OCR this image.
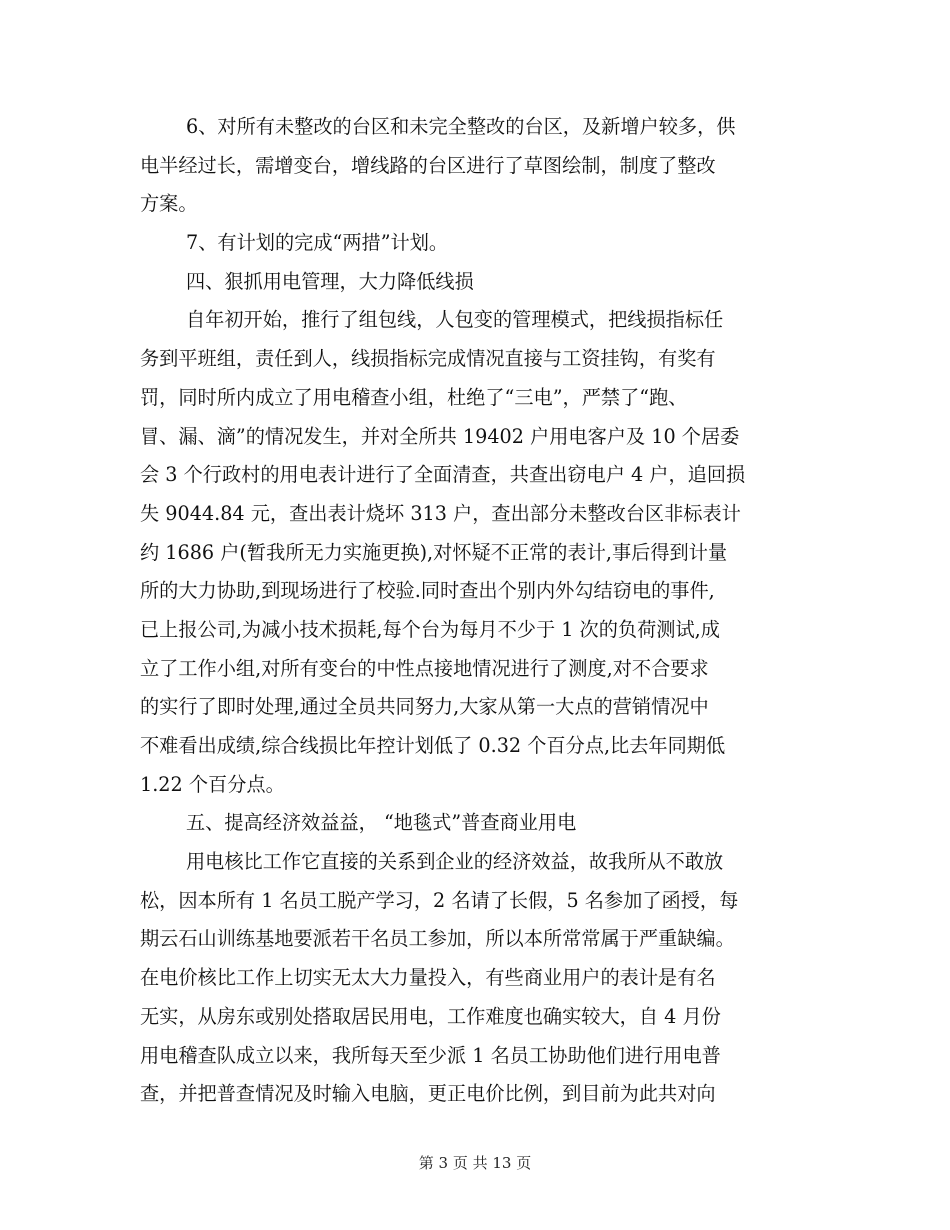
6、对所有未整改的台区和未完全整改的台区，及新增户较多，供
电半经过长，需增变台，增线路的台区进行了草图绘制，制度了整改
方案。
7、有计划的完成“两措”计划。
四、狠抓用电管理，大力降低线损
自年初开始，推行了组包线，人包变的管理模式，把线损指标任
务到平班组，责任到人，线损指标完成情况直接与工资挂钩，有奖有
罚，同时所内成立了用电稽查小组，杜绝了“三电”，严禁了“跑、
冒、漏、滴”的情况发生，并对全所共 19402 户用电客户及 10 个居委
会 3 个行政村的用电表计进行了全面清查，共查出窃电户 4 户，追回损
失 9044.84 元，查出表计烧坏 313 户，查出部分未整改台区非标表计
约 1686 户(暂我所无力实施更换),对怀疑不正常的表计,事后得到计量
所的大力协助,到现场进行了校验.同时查出个别内外勾结窃电的事件,
已上报公司,为减小技术损耗,每个台为每月不少于 1 次的负荷测试,成
立了工作小组,对所有变台的中性点接地情况进行了测度,对不合要求
的实行了即时处理,通过全员共同努力,大家从第一大点的营销情况中
不难看出成绩,综合线损比年控计划低了 0.32 个百分点,比去年同期低
1.22 个百分点。
五、提高经济效益益， “地毯式”普查商业用电
用电核比工作它直接的关系到企业的经济效益，故我所从不敢放
松，因本所有 1 名员工脱产学习，2 名请了长假，5 名参加了函授，每
期云石山训练基地要派若干名员工参加，所以本所常常属于严重缺编。
在电价核比工作上切实无太大力量投入，有些商业用户的表计是有名
无实，从房东或别处搭取居民用电，工作难度也确实较大，自 4 月份
用电稽查队成立以来，我所每天至少派 1 名员工协助他们进行用电普
查，并把普查情况及时输入电脑，更正电价比例，到目前为此共对向
第 3 页 共 13 页
